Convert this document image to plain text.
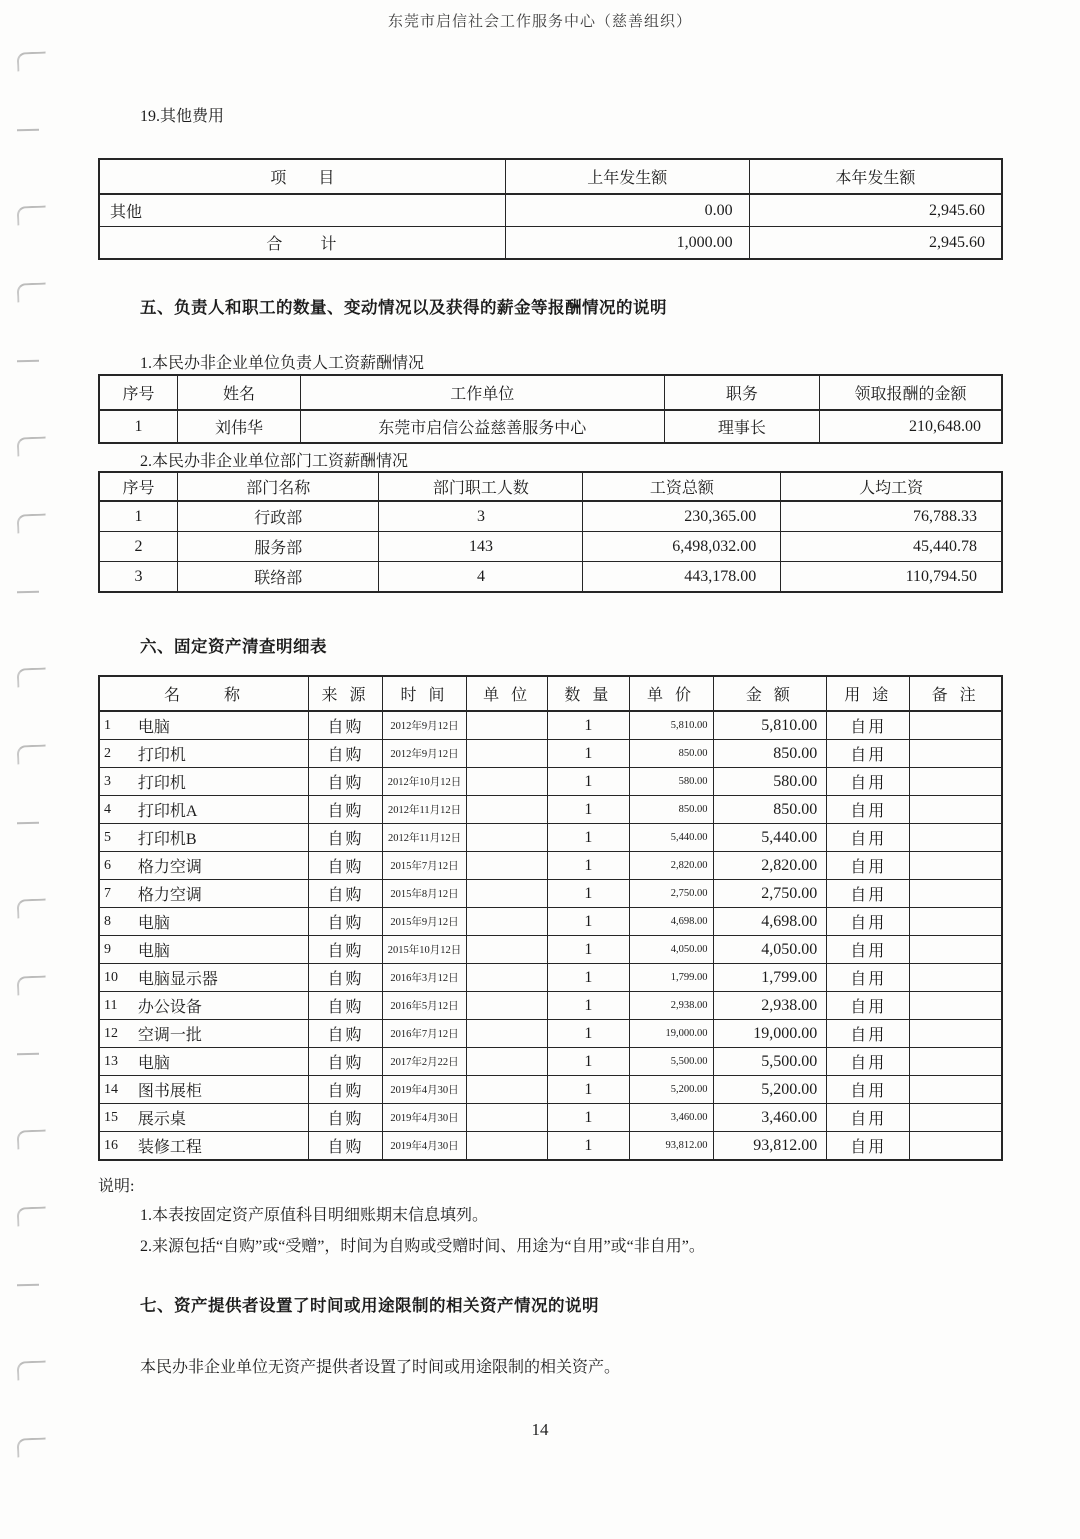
东莞市启信社会工作服务中心（慈善组织）
19.其他费用
项　　目	上年发生额	本年发生额
其他	0.00	2,945.60
合　　计	1,000.00	2,945.60
五、负责人和职工的数量、变动情况以及获得的薪金等报酬情况的说明
1.本民办非企业单位负责人工资薪酬情况
序号	姓名	工作单位	职务	领取报酬的金额
1	刘伟华	东莞市启信公益慈善服务中心	理事长	210,648.00
2.本民办非企业单位部门工资薪酬情况
序号	部门名称	部门职工人数	工资总额	人均工资
1	行政部	3	230,365.00	76,788.33
2	服务部	143	6,498,032.00	45,440.78
3	联络部	4	443,178.00	110,794.50
六、固定资产清查明细表
名　　称		来 源	时 间	单 位	数 量	单 价	金 额	用 途	备 注
1	电脑	自购	2012年9月12日		1	5,810.00	5,810.00	自用	
2	打印机	自购	2012年9月12日		1	850.00	850.00	自用	
3	打印机	自购	2012年10月12日		1	580.00	580.00	自用	
4	打印机A	自购	2012年11月12日		1	850.00	850.00	自用	
5	打印机B	自购	2012年11月12日		1	5,440.00	5,440.00	自用	
6	格力空调	自购	2015年7月12日		1	2,820.00	2,820.00	自用	
7	格力空调	自购	2015年8月12日		1	2,750.00	2,750.00	自用	
8	电脑	自购	2015年9月12日		1	4,698.00	4,698.00	自用	
9	电脑	自购	2015年10月12日		1	4,050.00	4,050.00	自用	
10	电脑显示器	自购	2016年3月12日		1	1,799.00	1,799.00	自用	
11	办公设备	自购	2016年5月12日		1	2,938.00	2,938.00	自用	
12	空调一批	自购	2016年7月12日		1	19,000.00	19,000.00	自用	
13	电脑	自购	2017年2月22日		1	5,500.00	5,500.00	自用	
14	图书展柜	自购	2019年4月30日		1	5,200.00	5,200.00	自用	
15	展示桌	自购	2019年4月30日		1	3,460.00	3,460.00	自用	
16	装修工程	自购	2019年4月30日		1	93,812.00	93,812.00	自用	
说明:
1.本表按固定资产原值科目明细账期末信息填列。
2.来源包括“自购”或“受赠”，时间为自购或受赠时间、用途为“自用”或“非自用”。
七、资产提供者设置了时间或用途限制的相关资产情况的说明

本民办非企业单位无资产提供者设置了时间或用途限制的相关资产。

14
